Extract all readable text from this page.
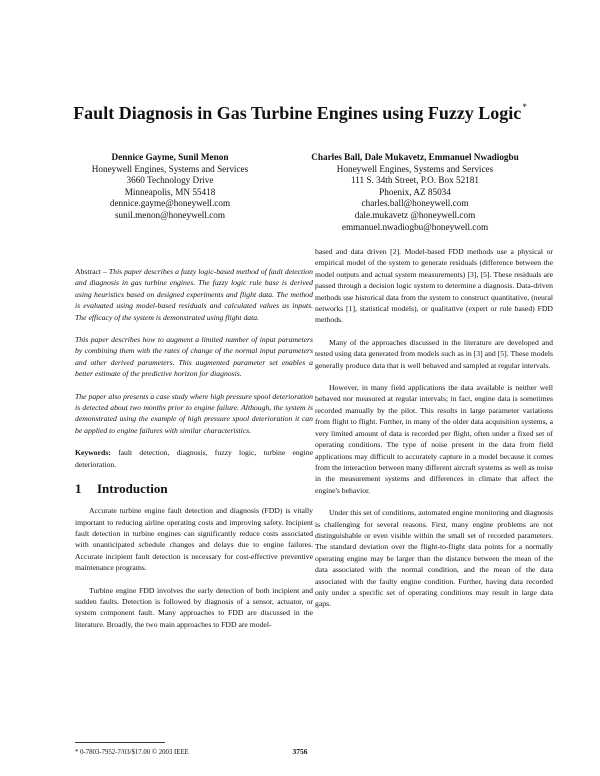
Fault Diagnosis in Gas Turbine Engines using Fuzzy Logic*
Dennice Gayme, Sunil Menon
Honeywell Engines, Systems and Services
3660 Technology Drive
Minneapolis, MN 55418
dennice.gayme@honeywell.com
sunil.menon@honeywell.com
Charles Ball, Dale Mukavetz, Emmanuel Nwadiogbu
Honeywell Engines, Systems and Services
111 S. 34th Street, P.O. Box 52181
Phoenix, AZ 85034
charles.ball@honeywell.com
dale.mukavetz @honeywell.com
emmanuel.nwadiogbu@honeywell.com

Abstract – This paper describes a fuzzy logic-based method of fault detection and diagnosis in gas turbine engines. The fuzzy logic rule base is derived using heuristics based on designed experiments and flight data. The method is evaluated using model-based residuals and calculated values as inputs. The efficacy of the system is demonstrated using flight data.

This paper describes how to augment a limited number of input parameters by combining them with the rates of change of the normal input parameters and other derived parameters. This augmented parameter set enables a better estimate of the predictive horizon for diagnosis.

The paper also presents a case study where high pressure spool deterioration is detected about two months prior to engine failure. Although, the system is demonstrated using the example of high pressure spool deterioration it can be applied to engine failures with similar characteristics.

Keywords: fault detection, diagnosis, fuzzy logic, turbine engine deterioration.

1 Introduction

Accurate turbine engine fault detection and diagnosis (FDD) is vitally important to reducing airline operating costs and improving safety. Incipient fault detection in turbine engines can significantly reduce costs associated with unanticipated schedule changes and delays due to engine failures. Accurate incipient fault detection is necessary for cost-effective preventive maintenance programs.

Turbine engine FDD involves the early detection of both incipient and sudden faults. Detection is followed by diagnosis of a sensor, actuator, or system component fault. Many approaches to FDD are discussed in the literature. Broadly, the two main approaches to FDD are model-

based and data driven [2]. Model-based FDD methods use a physical or empirical model of the system to generate residuals (difference between the model outputs and actual system measurements) [3], [5]. These residuals are passed through a decision logic system to determine a diagnosis. Data-driven methods use historical data from the system to construct quantitative, (neural networks [1], statistical models), or qualitative (expert or rule based) FDD methods.

Many of the approaches discussed in the literature are developed and tested using data generated from models such as in [3] and [5]. These models generally produce data that is well behaved and sampled at regular intervals.

However, in many field applications the data available is neither well behaved nor measured at regular intervals; in fact, engine data is sometimes recorded manually by the pilot. This results in large parameter variations from flight to flight. Further, in many of the older data acquisition systems, a very limited amount of data is recorded per flight, often under a fixed set of operating conditions. The type of noise present in the data from field applications may difficult to accurately capture in a model because it comes from the interaction between many different aircraft systems as well as noise in the measurement systems and differences in climate that affect the engine's behavior.

Under this set of conditions, automated engine monitoring and diagnosis is challenging for several reasons. First, many engine problems are not distinguishable or even visible within the small set of recorded parameters. The standard deviation over the flight-to-flight data points for a normally operating engine may be larger than the distance between the mean of the data associated with the normal condition, and the mean of the data associated with the faulty engine condition. Further, having data recorded only under a specific set of operating conditions may result in large data gaps.

* 0-7803-7952-7/03/$17.00 © 2003 IEEE	3756
